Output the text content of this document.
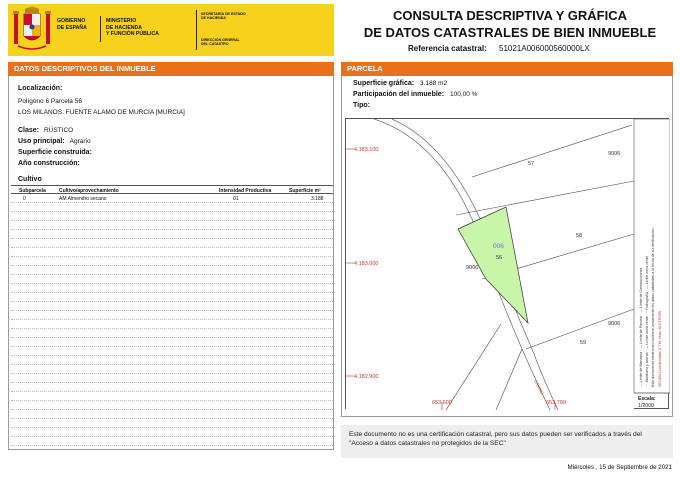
GOBIERNO
DE ESPAÑA
MINISTERIO
DE HACIENDA
Y FUNCIÓN PÚBLICA
SECRETARÍA DE ESTADO
DE HACIENDA
DIRECCIÓN GENERAL
DEL CATASTRO
CONSULTA DESCRIPTIVA Y GRÁFICA
DE DATOS CATASTRALES DE BIEN INMUEBLE
Referencia catastral: 51021A006000560000LX
DATOS DESCRIPTIVOS DEL INMUEBLE
Localización:
Polígono 6 Parcela 56
LOS MILANOS. FUENTE ALAMO DE MURCIA [MURCIA]
Clase: RÚSTICO
Uso principal: Agrario
Superficie construida:
Año construcción:
Cultivo
Subparcela	Cultivo/aprovechamiento	Intensidad Productiva	Superficie m²
0	AM Almendro secano	01	3.188
PARCELA
Superficie gráfica: 3.188 m2
Participación del inmueble: 100,00 %
Tipo:
— Límite de Manzana · — Límite de Parcela · — Límite de Construcciones ··· Mobiliario y aceras · — Límite zona verde · ~ Hidrografía · — Limite zona verde Este documento electrónico contiene únicamente los datos catastrales a la fecha de su certificación. 653.800 Coordenadas U.T.M. Huso 30 ETRS89
4.183.100
4.183.000
4.182.900
653.600	653.700
57
58
56
59
9006
9006
9006
006
CAMINO
Escala:
1/2000
Este documento no es una certificación catastral, pero sus datos pueden ser verificados a través del "Acceso a datos catastrales no protegidos de la SEC"
Miércoles , 15 de Septiembre de 2021
